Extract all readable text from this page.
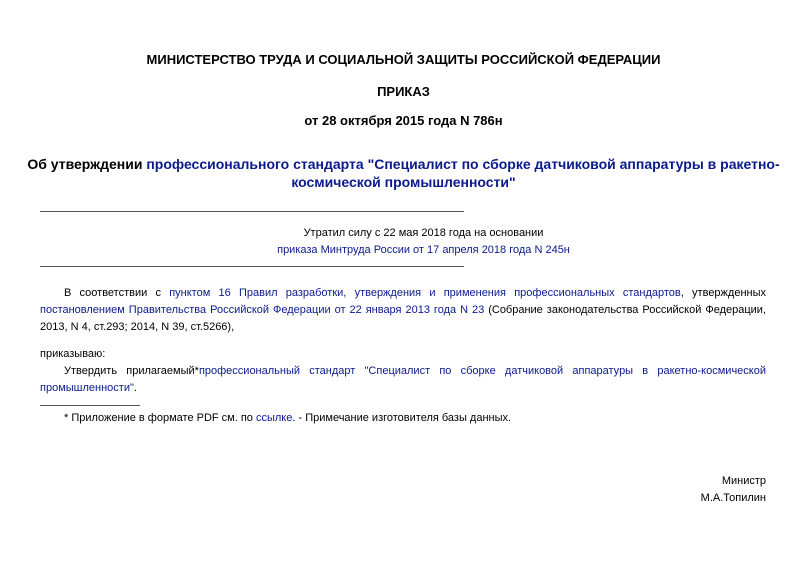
МИНИСТЕРСТВО ТРУДА И СОЦИАЛЬНОЙ ЗАЩИТЫ РОССИЙСКОЙ ФЕДЕРАЦИИ
ПРИКАЗ
от 28 октября 2015 года N 786н
Об утверждении профессионального стандарта "Специалист по сборке датчиковой аппаратуры в ракетно-
космической промышленности"
Утратил силу с 22 мая 2018 года на основании
приказа Минтруда России от 17 апреля 2018 года N 245н
В соответствии с пунктом 16 Правил разработки, утверждения и применения профессиональных стандартов, утвержденных
постановлением Правительства Российской Федерации от 22 января 2013 года N 23 (Собрание законодательства Российской Федерации,
2013, N 4, ст.293; 2014, N 39, ст.5266),
приказываю:
Утвердить прилагаемый*профессиональный стандарт "Специалист по сборке датчиковой аппаратуры в ракетно-космической
промышленности".
* Приложение в формате PDF см. по ссылке. - Примечание изготовителя базы данных.
Министр
М.А.Топилин
